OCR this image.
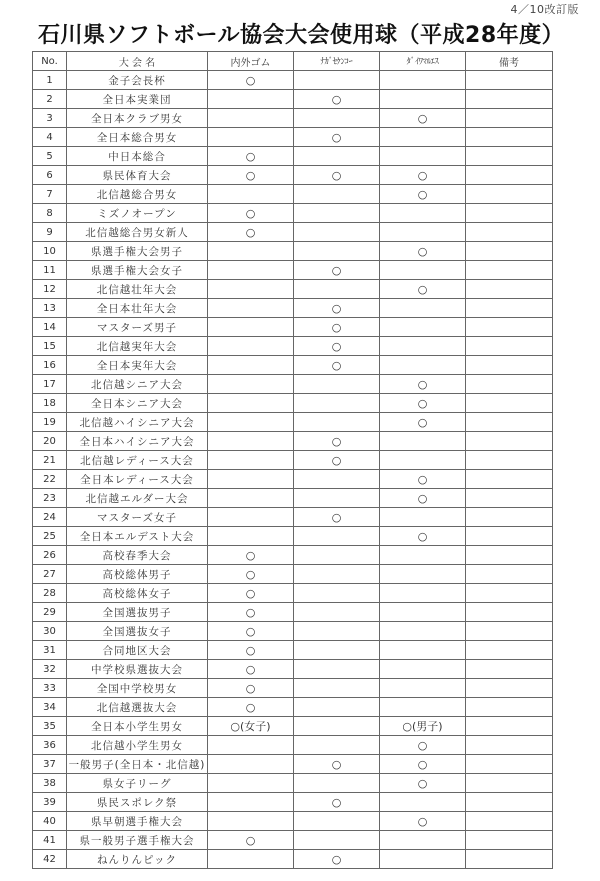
4／10改訂版
石川県ソフトボール協会大会使用球（平成28年度）
No.	大 会 名	内外ゴム	ﾅｶﾞｾｹﾝｺｰ	ﾀﾞｲﾜﾏﾙｴｽ	備考
1	金子会長杯	○			
2	全日本実業団		○		
3	全日本クラブ男女			○	
4	全日本総合男女		○		
5	中日本総合	○			
6	県民体育大会	○	○	○	
7	北信越総合男女			○	
8	ミズノオープン	○			
9	北信越総合男女新人	○			
10	県選手権大会男子			○	
11	県選手権大会女子		○		
12	北信越壮年大会			○	
13	全日本壮年大会		○		
14	マスターズ男子		○		
15	北信越実年大会		○		
16	全日本実年大会		○		
17	北信越シニア大会			○	
18	全日本シニア大会			○	
19	北信越ハイシニア大会			○	
20	全日本ハイシニア大会		○		
21	北信越レディース大会		○		
22	全日本レディース大会			○	
23	北信越エルダー大会			○	
24	マスターズ女子		○		
25	全日本エルデスト大会			○	
26	高校春季大会	○			
27	高校総体男子	○			
28	高校総体女子	○			
29	全国選抜男子	○			
30	全国選抜女子	○			
31	合同地区大会	○			
32	中学校県選抜大会	○			
33	全国中学校男女	○			
34	北信越選抜大会	○			
35	全日本小学生男女	○(女子)		○(男子)	
36	北信越小学生男女			○	
37	一般男子(全日本・北信越)		○	○	
38	県女子リーグ			○	
39	県民スポレク祭		○		
40	県早朝選手権大会			○	
41	県一般男子選手権大会	○			
42	ねんりんピック		○		
